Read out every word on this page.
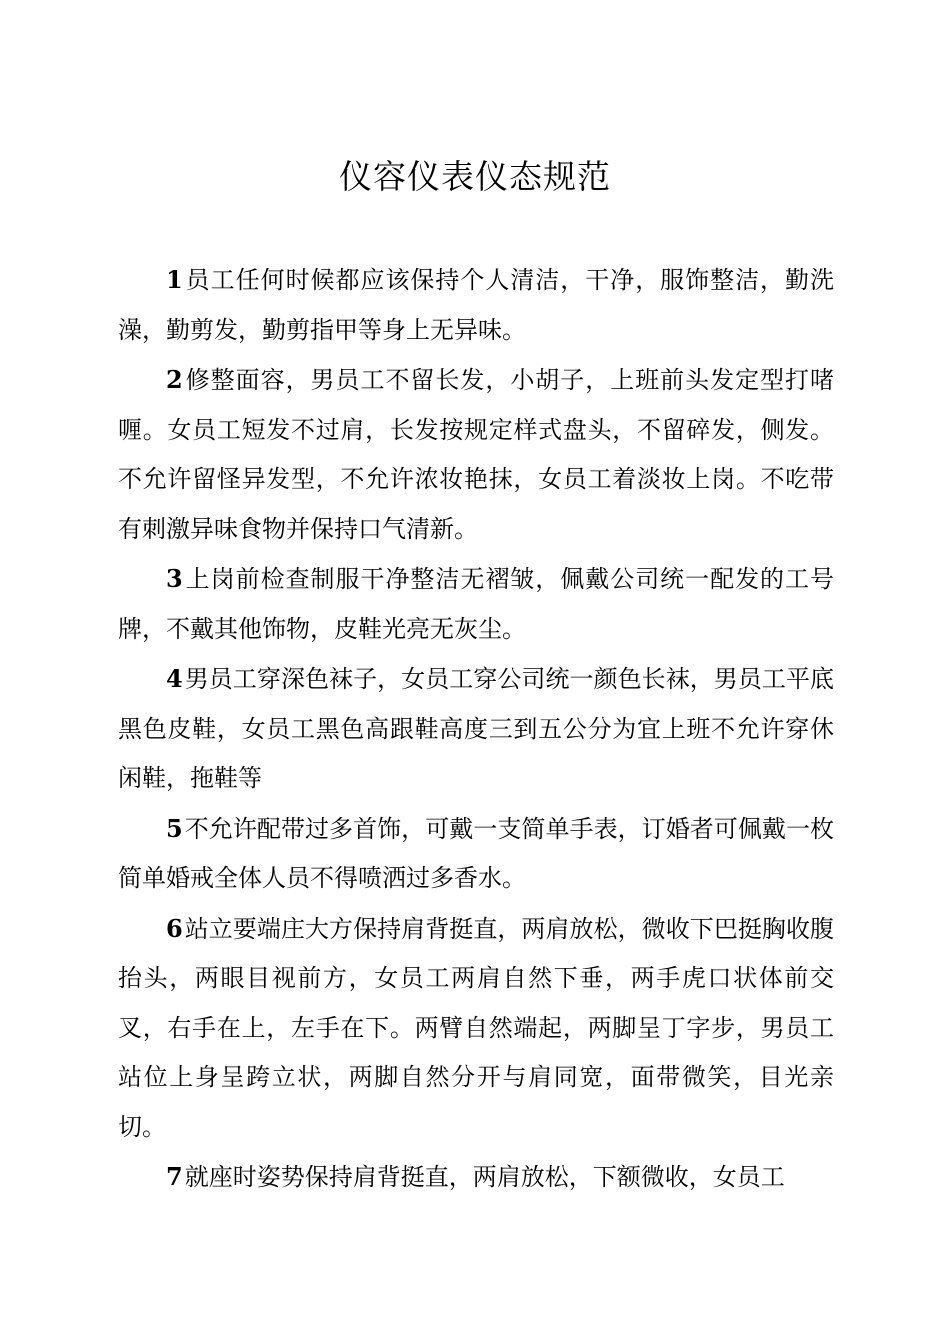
仪容仪表仪态规范

1员工任何时候都应该保持个人清洁，干净，服饰整洁，勤洗澡，勤剪发，勤剪指甲等身上无异味。

2修整面容，男员工不留长发，小胡子，上班前头发定型打啫喱。女员工短发不过肩，长发按规定样式盘头，不留碎发，侧发。不允许留怪异发型，不允许浓妆艳抹，女员工着淡妆上岗。不吃带有刺激异味食物并保持口气清新。

3上岗前检查制服干净整洁无褶皱，佩戴公司统一配发的工号牌，不戴其他饰物，皮鞋光亮无灰尘。

4男员工穿深色袜子，女员工穿公司统一颜色长袜，男员工平底黑色皮鞋，女员工黑色高跟鞋高度三到五公分为宜上班不允许穿休闲鞋，拖鞋等

5不允许配带过多首饰，可戴一支简单手表，订婚者可佩戴一枚简单婚戒全体人员不得喷洒过多香水。

6站立要端庄大方保持肩背挺直，两肩放松，微收下巴挺胸收腹抬头，两眼目视前方，女员工两肩自然下垂，两手虎口状体前交叉，右手在上，左手在下。两臂自然端起，两脚呈丁字步，男员工站位上身呈跨立状，两脚自然分开与肩同宽，面带微笑，目光亲切。

7就座时姿势保持肩背挺直，两肩放松，下额微收，女员工
